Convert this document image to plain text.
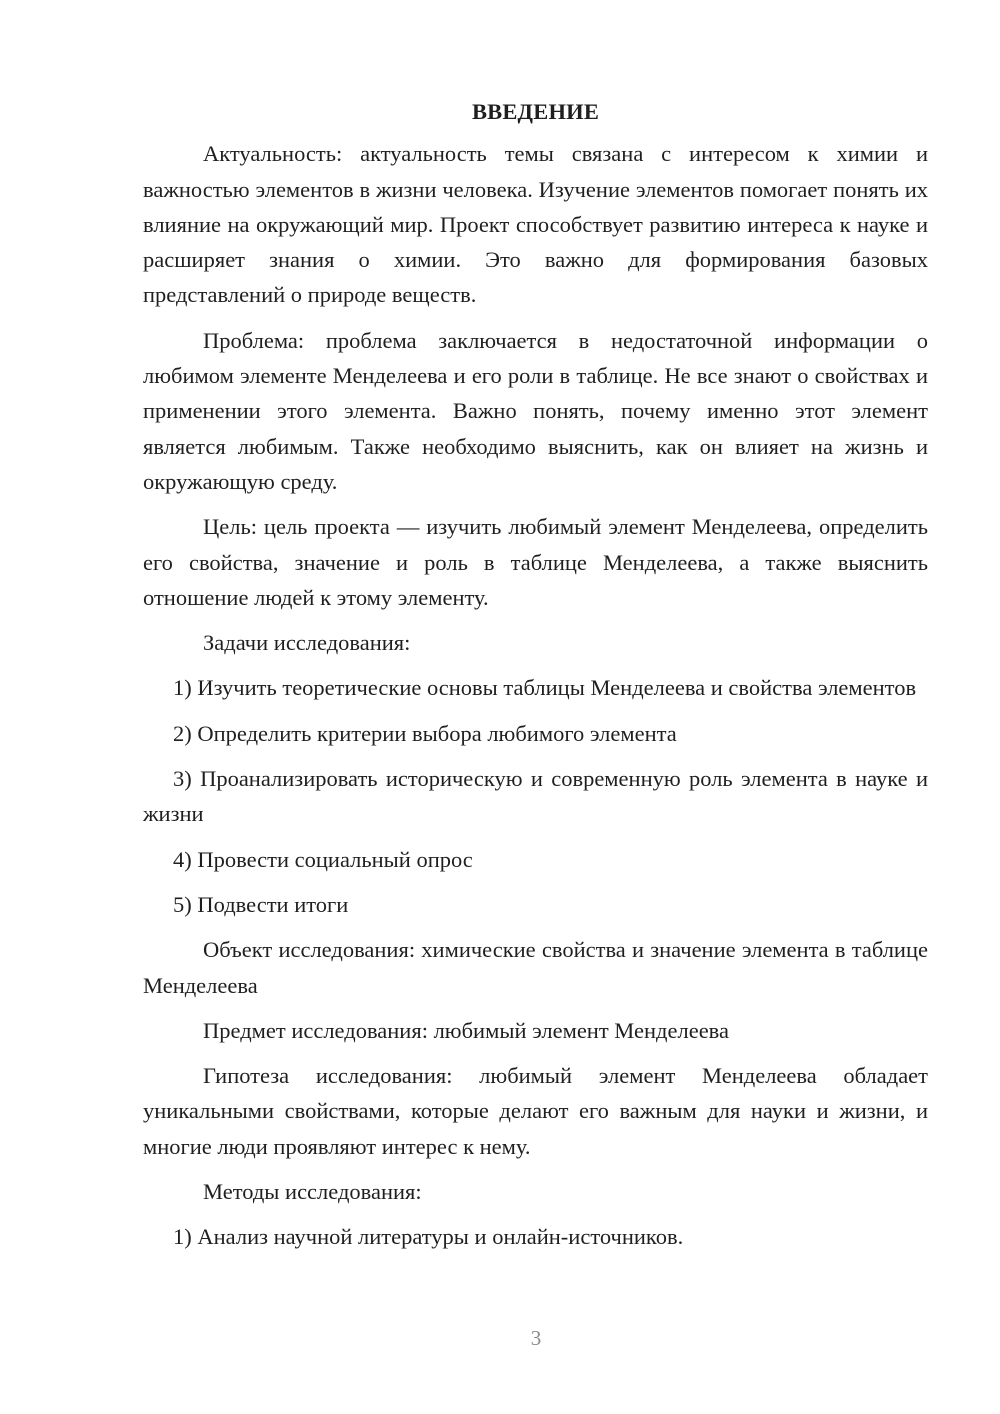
ВВЕДЕНИЕ

Актуальность: актуальность темы связана с интересом к химии и важностью элементов в жизни человека. Изучение элементов помогает понять их влияние на окружающий мир. Проект способствует развитию интереса к науке и расширяет знания о химии. Это важно для формирования базовых представлений о природе веществ.

Проблема: проблема заключается в недостаточной информации о любимом элементе Менделеева и его роли в таблице. Не все знают о свойствах и применении этого элемента. Важно понять, почему именно этот элемент является любимым. Также необходимо выяснить, как он влияет на жизнь и окружающую среду.

Цель: цель проекта — изучить любимый элемент Менделеева, определить его свойства, значение и роль в таблице Менделеева, а также выяснить отношение людей к этому элементу.

Задачи исследования:

1) Изучить теоретические основы таблицы Менделеева и свойства элементов

2) Определить критерии выбора любимого элемента

3) Проанализировать историческую и современную роль элемента в науке и жизни

4) Провести социальный опрос

5) Подвести итоги

Объект исследования: химические свойства и значение элемента в таблице Менделеева

Предмет исследования: любимый элемент Менделеева

Гипотеза исследования: любимый элемент Менделеева обладает уникальными свойствами, которые делают его важным для науки и жизни, и многие люди проявляют интерес к нему.

Методы исследования:

1) Анализ научной литературы и онлайн-источников.

3
